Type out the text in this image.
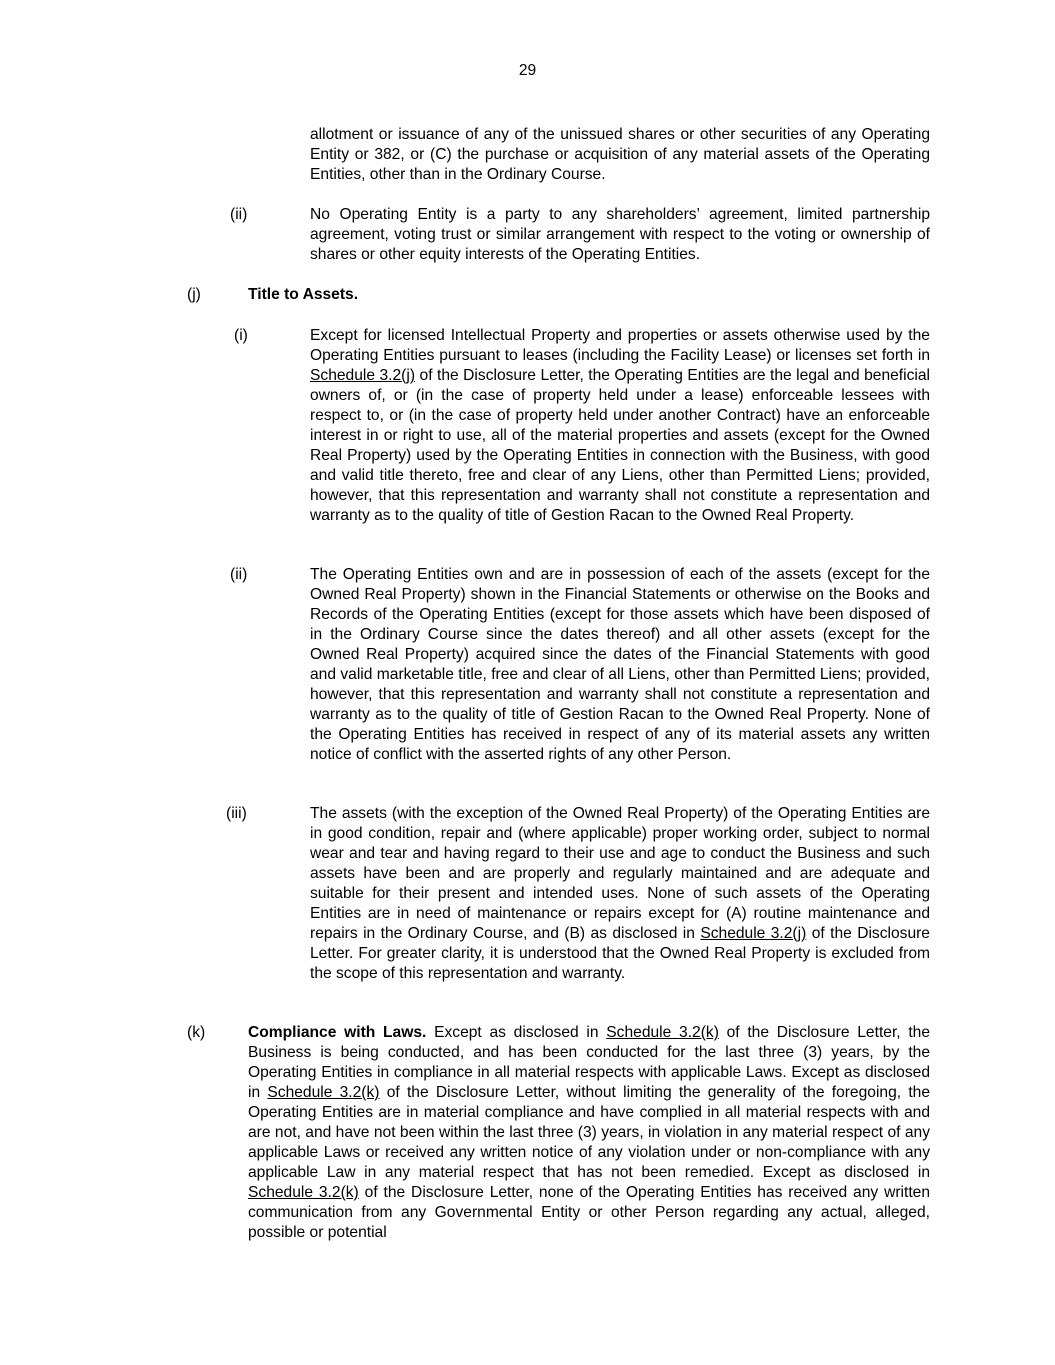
29
allotment or issuance of any of the unissued shares or other securities of any Operating Entity or 382, or (C) the purchase or acquisition of any material assets of the Operating Entities, other than in the Ordinary Course.
(ii)	No Operating Entity is a party to any shareholders’ agreement, limited partnership agreement, voting trust or similar arrangement with respect to the voting or ownership of shares or other equity interests of the Operating Entities.
(j)	Title to Assets.
(i)	Except for licensed Intellectual Property and properties or assets otherwise used by the Operating Entities pursuant to leases (including the Facility Lease) or licenses set forth in Schedule 3.2(j) of the Disclosure Letter, the Operating Entities are the legal and beneficial owners of, or (in the case of property held under a lease) enforceable lessees with respect to, or (in the case of property held under another Contract) have an enforceable interest in or right to use, all of the material properties and assets (except for the Owned Real Property) used by the Operating Entities in connection with the Business, with good and valid title thereto, free and clear of any Liens, other than Permitted Liens; provided, however, that this representation and warranty shall not constitute a representation and warranty as to the quality of title of Gestion Racan to the Owned Real Property.
(ii)	The Operating Entities own and are in possession of each of the assets (except for the Owned Real Property) shown in the Financial Statements or otherwise on the Books and Records of the Operating Entities (except for those assets which have been disposed of in the Ordinary Course since the dates thereof) and all other assets (except for the Owned Real Property) acquired since the dates of the Financial Statements with good and valid marketable title, free and clear of all Liens, other than Permitted Liens; provided, however, that this representation and warranty shall not constitute a representation and warranty as to the quality of title of Gestion Racan to the Owned Real Property. None of the Operating Entities has received in respect of any of its material assets any written notice of conflict with the asserted rights of any other Person.
(iii)	The assets (with the exception of the Owned Real Property) of the Operating Entities are in good condition, repair and (where applicable) proper working order, subject to normal wear and tear and having regard to their use and age to conduct the Business and such assets have been and are properly and regularly maintained and are adequate and suitable for their present and intended uses. None of such assets of the Operating Entities are in need of maintenance or repairs except for (A) routine maintenance and repairs in the Ordinary Course, and (B) as disclosed in Schedule 3.2(j) of the Disclosure Letter. For greater clarity, it is understood that the Owned Real Property is excluded from the scope of this representation and warranty.
(k)	Compliance with Laws. Except as disclosed in Schedule 3.2(k) of the Disclosure Letter, the Business is being conducted, and has been conducted for the last three (3) years, by the Operating Entities in compliance in all material respects with applicable Laws. Except as disclosed in Schedule 3.2(k) of the Disclosure Letter, without limiting the generality of the foregoing, the Operating Entities are in material compliance and have complied in all material respects with and are not, and have not been within the last three (3) years, in violation in any material respect of any applicable Laws or received any written notice of any violation under or non-compliance with any applicable Law in any material respect that has not been remedied. Except as disclosed in Schedule 3.2(k) of the Disclosure Letter, none of the Operating Entities has received any written communication from any Governmental Entity or other Person regarding any actual, alleged, possible or potential
